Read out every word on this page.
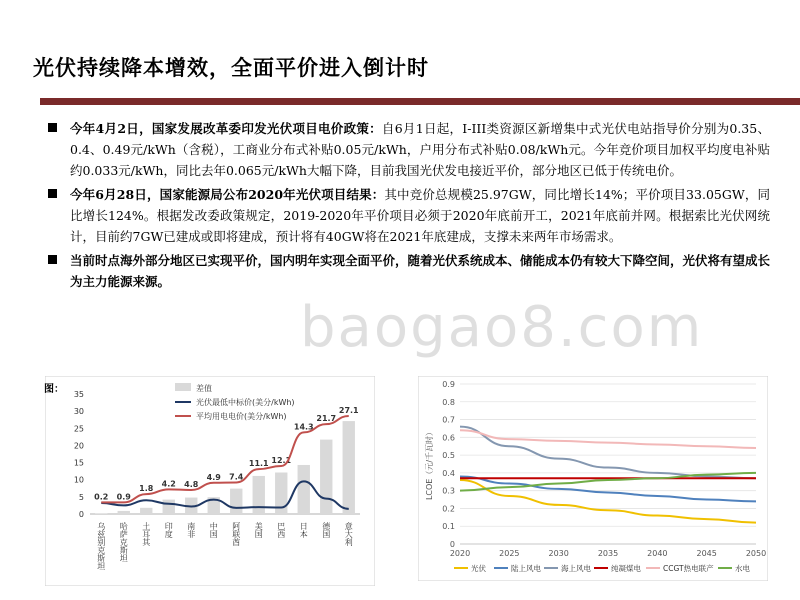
光伏持续降本增效，全面平价进入倒计时
今年4月2日，国家发展改革委印发光伏项目电价政策：自6月1日起，I-III类资源区新增集中式光伏电站指导价分别为0.35、0.4、0.49元/kWh（含税），工商业分布式补贴0.05元/kWh，户用分布式补贴0.08/kWh元。今年竞价项目加权平均度电补贴约0.033元/kWh，同比去年0.065元/kWh大幅下降，目前我国光伏发电接近平价，部分地区已低于传统电价。
今年6月28日，国家能源局公布2020年光伏项目结果：其中竞价总规模25.97GW，同比增长14%；平价项目33.05GW，同比增长124%。根据发改委政策规定，2019-2020年平价项目必须于2020年底前开工，2021年底前并网。根据索比光伏网统计，目前约7GW已建成或即将建成，预计将有40GW将在2021年底建成，支撑未来两年市场需求。
当前时点海外部分地区已实现平价，国内明年实现全面平价，随着光伏系统成本、储能成本仍有较大下降空间，光伏将有望成长为主力能源来源。
baogao8.com
0
5
10
15
20
25
30
35
0.2 0.9
1.8
4.2 4.8
4.9 7.4
11.1 12.1
14.3
21.7
27.1
乌兹别克斯坦 哈萨克斯坦 土耳其 印度 南非 中国 阿联酋 美国 巴西 日本 德国 意大利
差值
光伏最低中标价(美分/kWh)
平均用电电价(美分/kWh)
图：
0
0.1
0.2
0.3
0.4
0.5
0.6
0.7
0.8
0.9
2020	2025	2030	2035	2040	2045	2050
LCOE（元/千瓦时）
光伏	陆上风电	海上风电	纯凝煤电	CCGT热电联产	水电
